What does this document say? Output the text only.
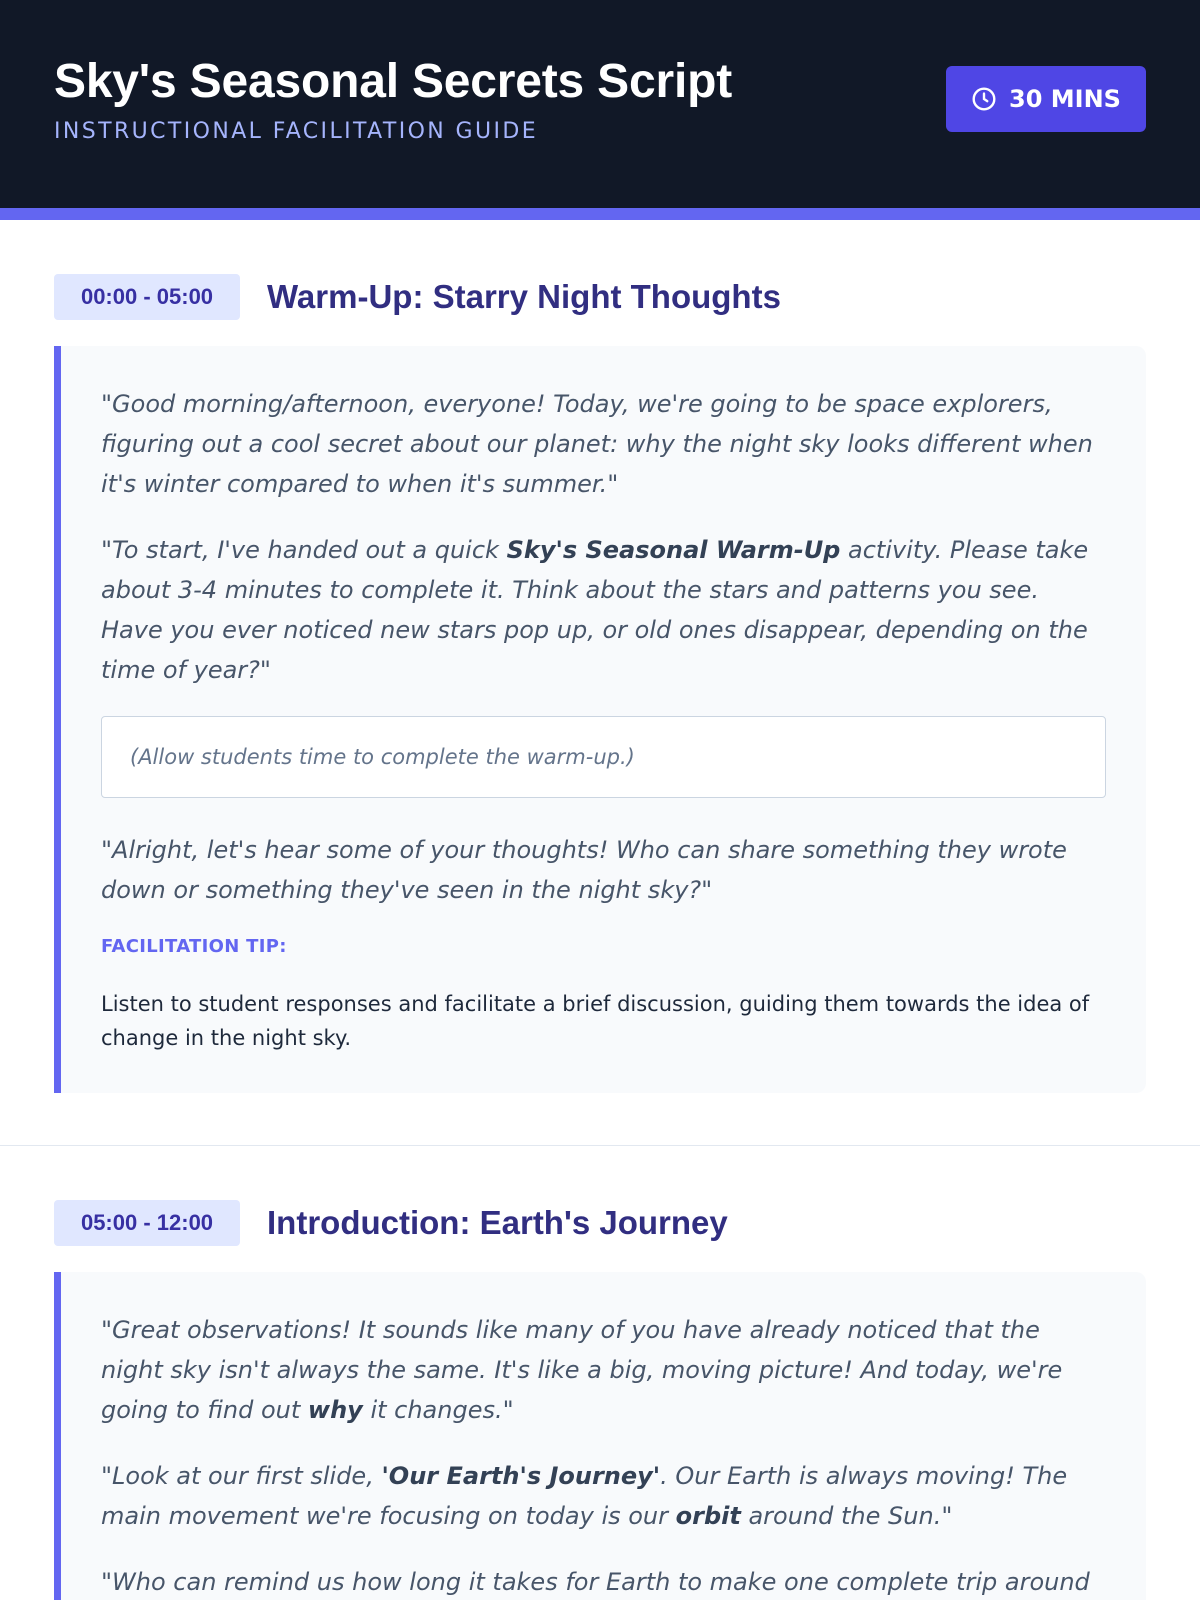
Sky's Seasonal Secrets Script
INSTRUCTIONAL FACILITATION GUIDE
30 MINS
00:00 - 05:00	Warm-Up: Starry Night Thoughts

"Good morning/afternoon, everyone! Today, we're going to be space explorers, figuring out a cool secret about our planet: why the night sky looks different when it's winter compared to when it's summer."

"To start, I've handed out a quick Sky's Seasonal Warm-Up activity. Please take about 3-4 minutes to complete it. Think about the stars and patterns you see. Have you ever noticed new stars pop up, or old ones disappear, depending on the time of year?"

(Allow students time to complete the warm-up.)

"Alright, let's hear some of your thoughts! Who can share something they wrote down or something they've seen in the night sky?"

FACILITATION TIP:
Listen to student responses and facilitate a brief discussion, guiding them towards the idea of change in the night sky.
05:00 - 12:00	Introduction: Earth's Journey

"Great observations! It sounds like many of you have already noticed that the night sky isn't always the same. It's like a big, moving picture! And today, we're going to find out why it changes."

"Look at our first slide, 'Our Earth's Journey'. Our Earth is always moving! The main movement we're focusing on today is our orbit around the Sun."

"Who can remind us how long it takes for Earth to make one complete trip around
